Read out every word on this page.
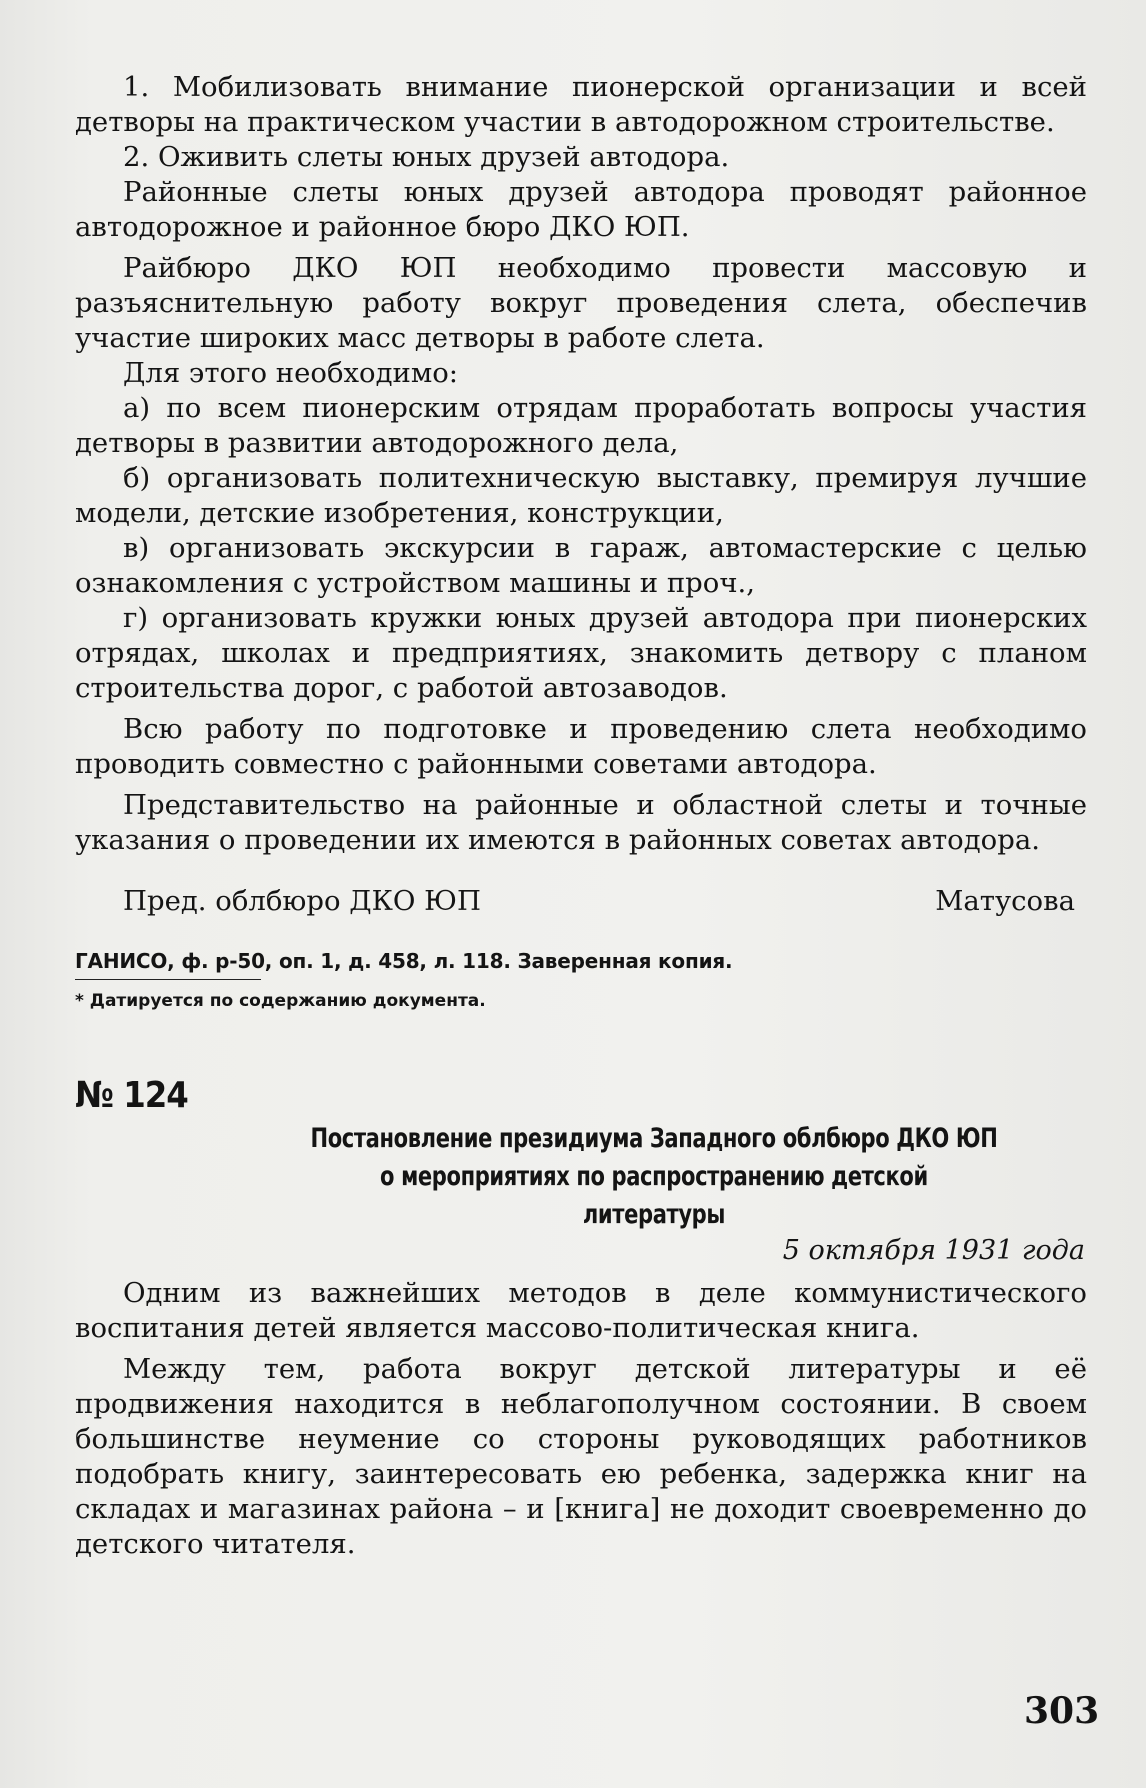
1. Мобилизовать внимание пионерской организации и всей детворы на практическом участии в автодорожном строительстве.

2. Оживить слеты юных друзей автодора.

Районные слеты юных друзей автодора проводят районное автодорожное и районное бюро ДКО ЮП.

Райбюро ДКО ЮП необходимо провести массовую и разъяснительную работу вокруг проведения слета, обеспечив участие широких масс детворы в работе слета.

Для этого необходимо:

а) по всем пионерским отрядам проработать вопросы участия детворы в развитии автодорожного дела,

б) организовать политехническую выставку, премируя лучшие модели, детские изобретения, конструкции,

в) организовать экскурсии в гараж, автомастерские с целью ознакомления с устройством машины и проч.,

г) организовать кружки юных друзей автодора при пионерских отрядах, школах и предприятиях, знакомить детвору с планом строительства дорог, с работой автозаводов.

Всю работу по подготовке и проведению слета необходимо проводить совместно с районными советами автодора.

Представительство на районные и областной слеты и точные указания о проведении их имеются в районных советах автодора.

Пред. облбюро ДКО ЮП	Матусова
ГАНИСО, ф. р-50, оп. 1, д. 458, л. 118. Заверенная копия.
* Датируется по содержанию документа.
№ 124
Постановление президиума Западного облбюро ДКО ЮП
о мероприятиях по распространению детской литературы
5 октября 1931 года

Одним из важнейших методов в деле коммунистического воспитания детей является массово-политическая книга.

Между тем, работа вокруг детской литературы и её продвижения находится в неблагополучном состоянии. В своем большинстве неумение со стороны руководящих работников подобрать книгу, заинтересовать ею ребенка, задержка книг на складах и магазинах района – и [книга] не доходит своевременно до детского читателя.

303
